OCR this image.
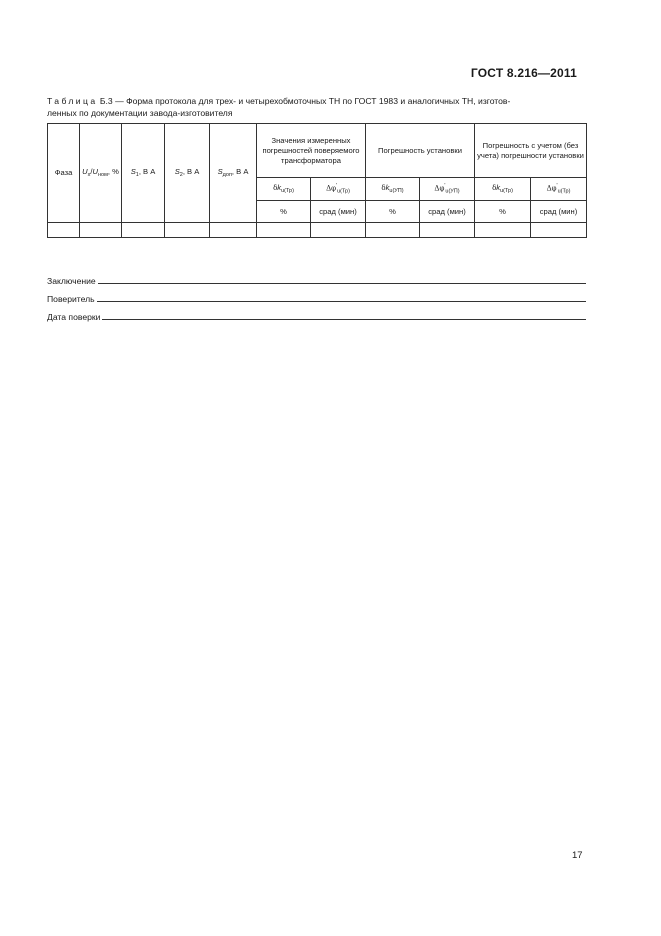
ГОСТ 8.216—2011
Таблица Б.3 — Форма протокола для трех- и четырехобмоточных ТН по ГОСТ 1983 и аналогичных ТН, изготов-
ленных по документации завода-изготовителя
Фаза	$U_x/U_{ном}$, %	$S_1$, В А	$S_2$, В А	$S_{доп}$, В А	Значения измеренных погрешностей поверяемого трансформатора		Погрешность установки		Погрешность с учетом (без учета) погрешности установки	
					$\delta k_{u(Тр)}$	$\Delta\varphi'_{u(Тр)}$	$\delta k_{u(УП)}$	$\Delta\varphi'_{u(УП)}$	$\delta k_{u(Тр)}$	$\Delta\varphi'_{u(Тр)}$
					%	срад (мин)	%	срад (мин)	%	срад (мин)

Заключение
Поверитель
Дата поверки
17
